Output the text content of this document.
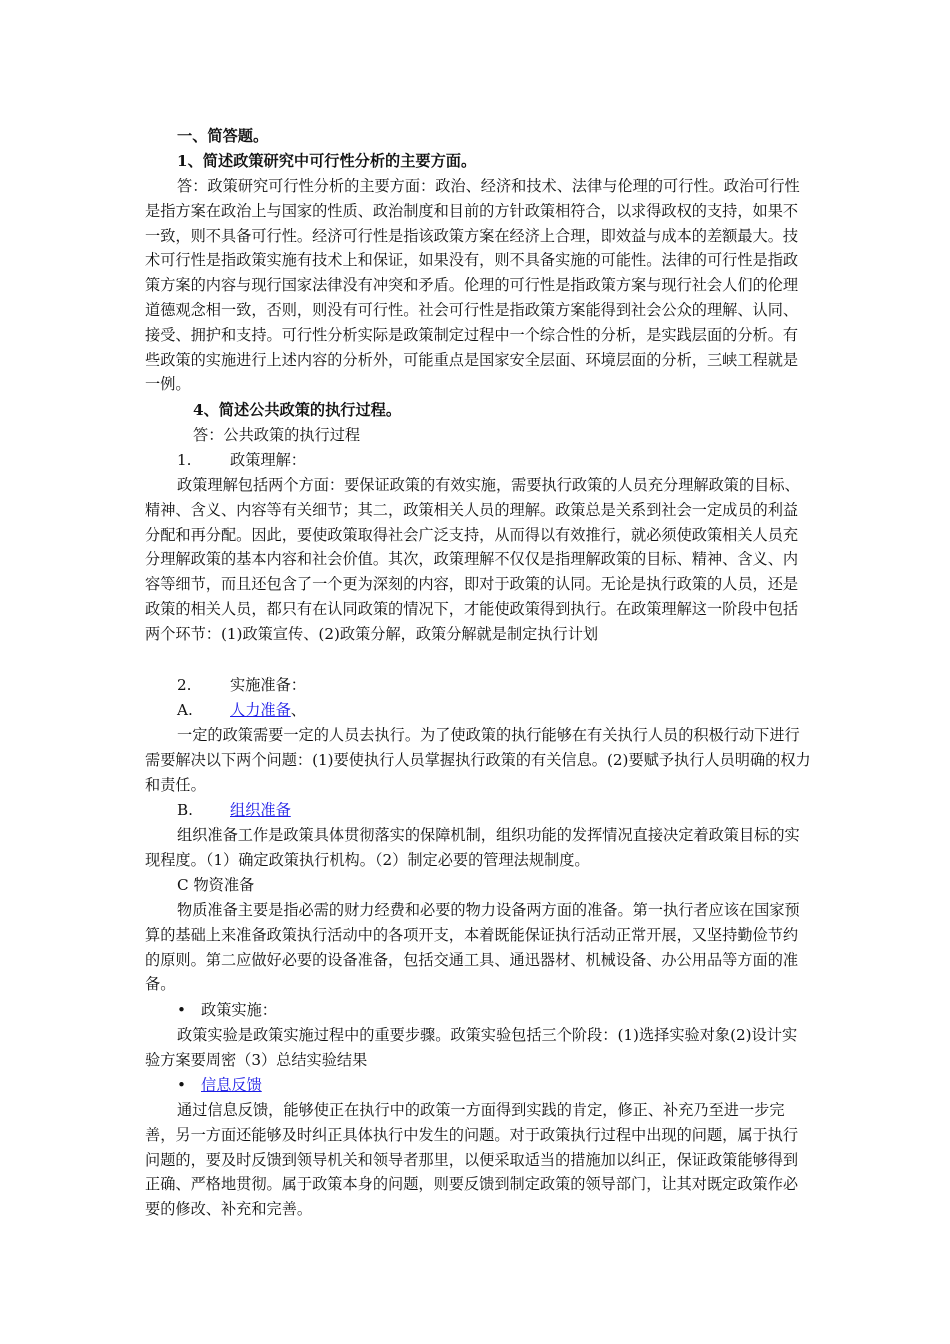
一、简答题。

1、简述政策研究中可行性分析的主要方面。

答：政策研究可行性分析的主要方面：政治、经济和技术、法律与伦理的可行性。政治可行性是指方案在政治上与国家的性质、政治制度和目前的方针政策相符合，以求得政权的支持，如果不一致，则不具备可行性。经济可行性是指该政策方案在经济上合理，即效益与成本的差额最大。技术可行性是指政策实施有技术上和保证，如果没有，则不具备实施的可能性。法律的可行性是指政策方案的内容与现行国家法律没有冲突和矛盾。伦理的可行性是指政策方案与现行社会人们的伦理道德观念相一致，否则，则没有可行性。社会可行性是指政策方案能得到社会公众的理解、认同、接受、拥护和支持。可行性分析实际是政策制定过程中一个综合性的分析，是实践层面的分析。有些政策的实施进行上述内容的分析外，可能重点是国家安全层面、环境层面的分析，三峡工程就是一例。

4、简述公共政策的执行过程。

答：公共政策的执行过程

1.	政策理解：

政策理解包括两个方面：要保证政策的有效实施，需要执行政策的人员充分理解政策的目标、精神、含义、内容等有关细节；其二，政策相关人员的理解。政策总是关系到社会一定成员的利益分配和再分配。因此，要使政策取得社会广泛支持，从而得以有效推行，就必须使政策相关人员充分理解政策的基本内容和社会价值。其次，政策理解不仅仅是指理解政策的目标、精神、含义、内容等细节，而且还包含了一个更为深刻的内容，即对于政策的认同。无论是执行政策的人员，还是政策的相关人员，都只有在认同政策的情况下，才能使政策得到执行。在政策理解这一阶段中包括两个环节：(1)政策宣传、(2)政策分解，政策分解就是制定执行计划

2.	实施准备：
A. 人力准备、

一定的政策需要一定的人员去执行。为了使政策的执行能够在有关执行人员的积极行动下进行需要解决以下两个问题：(1)要使执行人员掌握执行政策的有关信息。(2)要赋予执行人员明确的权力和责任。

B. 组织准备

组织准备工作是政策具体贯彻落实的保障机制，组织功能的发挥情况直接决定着政策目标的实现程度。（1）确定政策执行机构。（2）制定必要的管理法规制度。

C 物资准备

物质准备主要是指必需的财力经费和必要的物力设备两方面的准备。第一执行者应该在国家预算的基础上来准备政策执行活动中的各项开支，本着既能保证执行活动正常开展，又坚持勤俭节约的原则。第二应做好必要的设备准备，包括交通工具、通迅器材、机械设备、办公用品等方面的准备。

• 政策实施：

政策实验是政策实施过程中的重要步骤。政策实验包括三个阶段：(1)选择实验对象(2)设计实验方案要周密（3）总结实验结果

• 信息反馈

通过信息反馈，能够使正在执行中的政策一方面得到实践的肯定，修正、补充乃至进一步完善，另一方面还能够及时纠正具体执行中发生的问题。对于政策执行过程中出现的问题，属于执行问题的，要及时反馈到领导机关和领导者那里，以便采取适当的措施加以纠正，保证政策能够得到正确、严格地贯彻。属于政策本身的问题，则要反馈到制定政策的领导部门，让其对既定政策作必要的修改、补充和完善。
